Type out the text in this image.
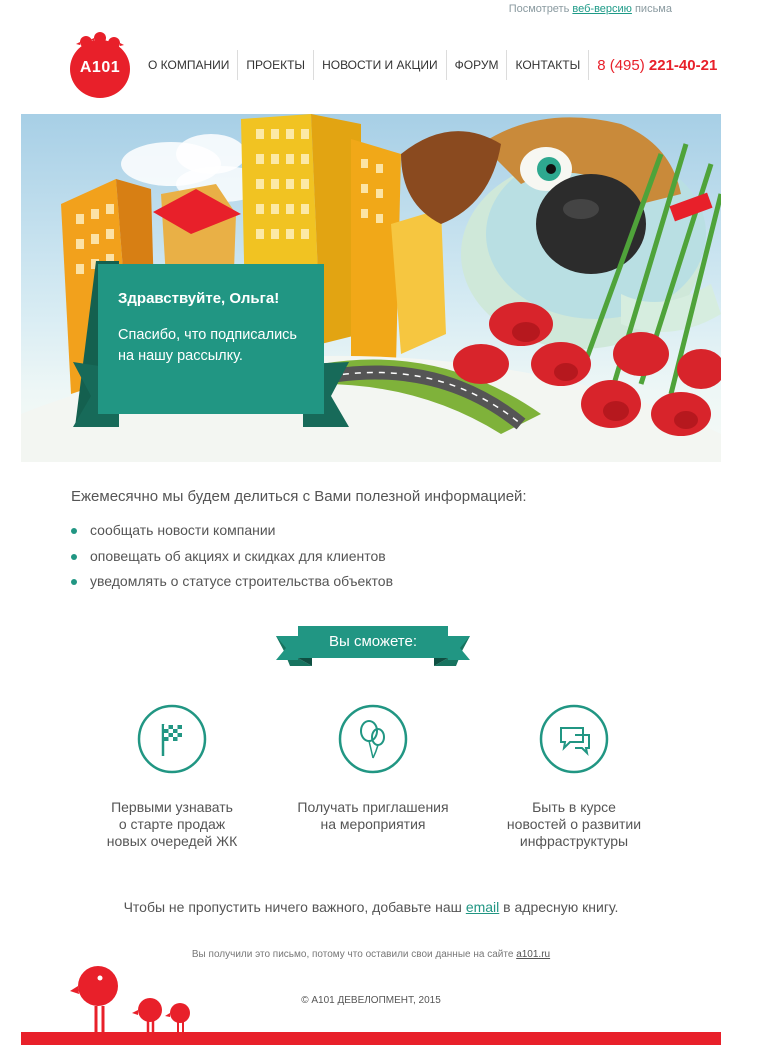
Посмотреть веб-версию письма
А101	О КОМПАНИИ	ПРОЕКТЫ	НОВОСТИ И АКЦИИ	ФОРУМ	КОНТАКТЫ	8 (495) 221-40-21
Здравствуйте, Ольга!
Спасибо, что подписались на нашу рассылку.
Ежемесячно мы будем делиться с Вами полезной информацией:
сообщать новости компании
оповещать об акциях и скидках для клиентов
уведомлять о статусе строительства объектов
Вы сможете:
Первыми узнавать
о старте продаж
новых очередей ЖК
Получать приглашения
на мероприятия
Быть в курсе
новостей о развитии
инфраструктуры
Чтобы не пропустить ничего важного, добавьте наш email в адресную книгу.
Вы получили это письмо, потому что оставили свои данные на сайте a101.ru
© А101 ДЕВЕЛОПМЕНТ, 2015
